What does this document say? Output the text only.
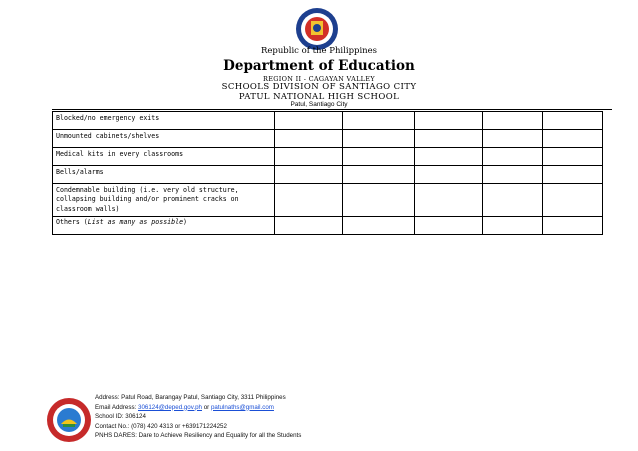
Republic of the Philippines
Department of Education
REGION II - CAGAYAN VALLEY
SCHOOLS DIVISION OF SANTIAGO CITY
PATUL NATIONAL HIGH SCHOOL
Patul, Santiago City
Blocked/no emergency exits					
Unmounted cabinets/shelves					
Medical kits in every classrooms					
Bells/alarms					
Condemnable building (i.e. very old structure, collapsing building and/or prominent cracks on classroom walls)					
Others (List as many as possible)					
Address: Patul Road, Barangay Patul, Santiago City, 3311 Philippines
Email Address: 306124@deped.gov.ph or patulnaths@gmail.com
School ID: 306124
Contact No.: (078) 420 4313 or +639171224252
PNHS DARES: Dare to Achieve Resiliency and Equality for all the Students
